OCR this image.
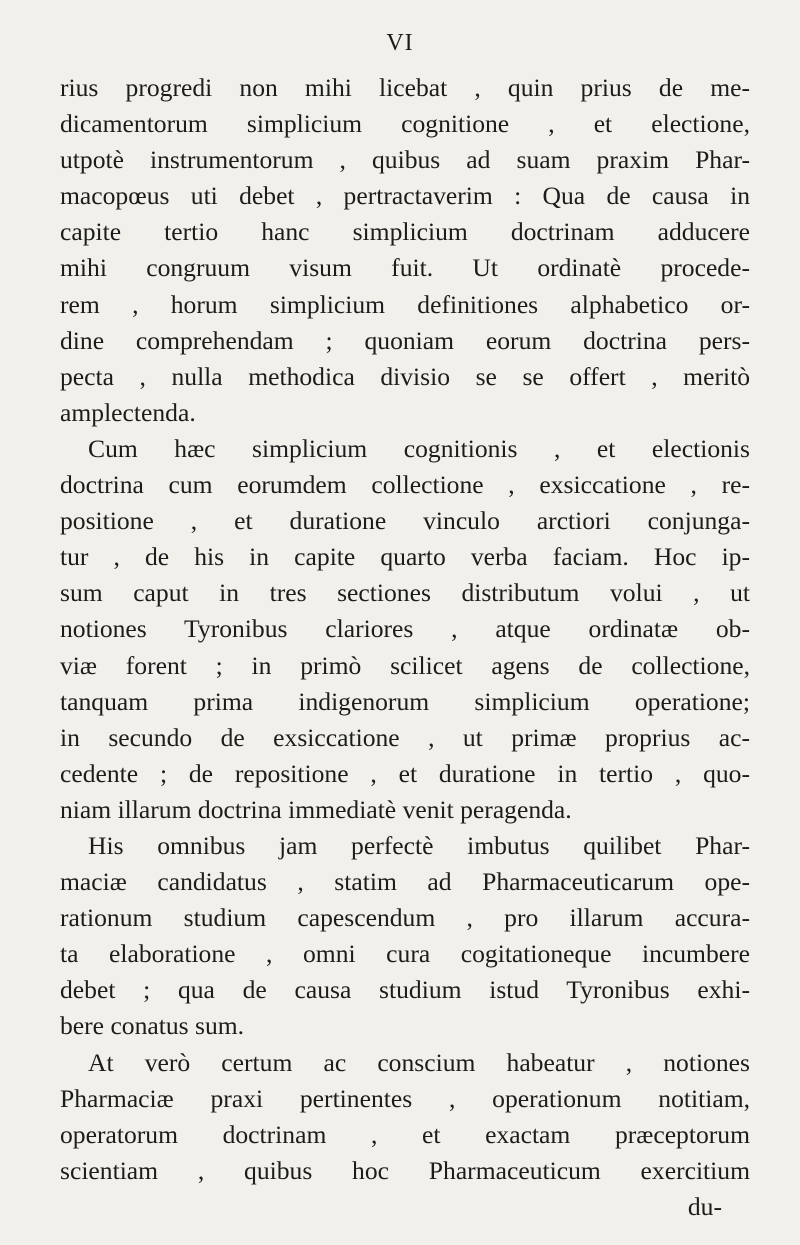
VI
rius progredi non mihi licebat , quin prius de me-
dicamentorum simplicium cognitione , et electione,
utpotè instrumentorum , quibus ad suam praxim Phar-
macopœus uti debet , pertractaverim : Qua de causa in
capite tertio hanc simplicium doctrinam adducere
mihi congruum visum fuit. Ut ordinatè procede-
rem , horum simplicium definitiones alphabetico or-
dine comprehendam ; quoniam eorum doctrina pers-
pecta , nulla methodica divisio se se offert , meritò
amplectenda.
Cum hæc simplicium cognitionis , et electionis
doctrina cum eorumdem collectione , exsiccatione , re-
positione , et duratione vinculo arctiori conjunga-
tur , de his in capite quarto verba faciam. Hoc ip-
sum caput in tres sectiones distributum volui , ut
notiones Tyronibus clariores , atque ordinatæ ob-
viæ forent ; in primò scilicet agens de collectione,
tanquam prima indigenorum simplicium operatione;
in secundo de exsiccatione , ut primæ proprius ac-
cedente ; de repositione , et duratione in tertio , quo-
niam illarum doctrina immediatè venit peragenda.
His omnibus jam perfectè imbutus quilibet Phar-
maciæ candidatus , statim ad Pharmaceuticarum ope-
rationum studium capescendum , pro illarum accura-
ta elaboratione , omni cura cogitationeque incumbere
debet ; qua de causa studium istud Tyronibus exhi-
bere conatus sum.
At verò certum ac conscium habeatur , notiones
Pharmaciæ praxi pertinentes , operationum notitiam,
operatorum doctrinam , et exactam præceptorum
scientiam , quibus hoc Pharmaceuticum exercitium
du-
